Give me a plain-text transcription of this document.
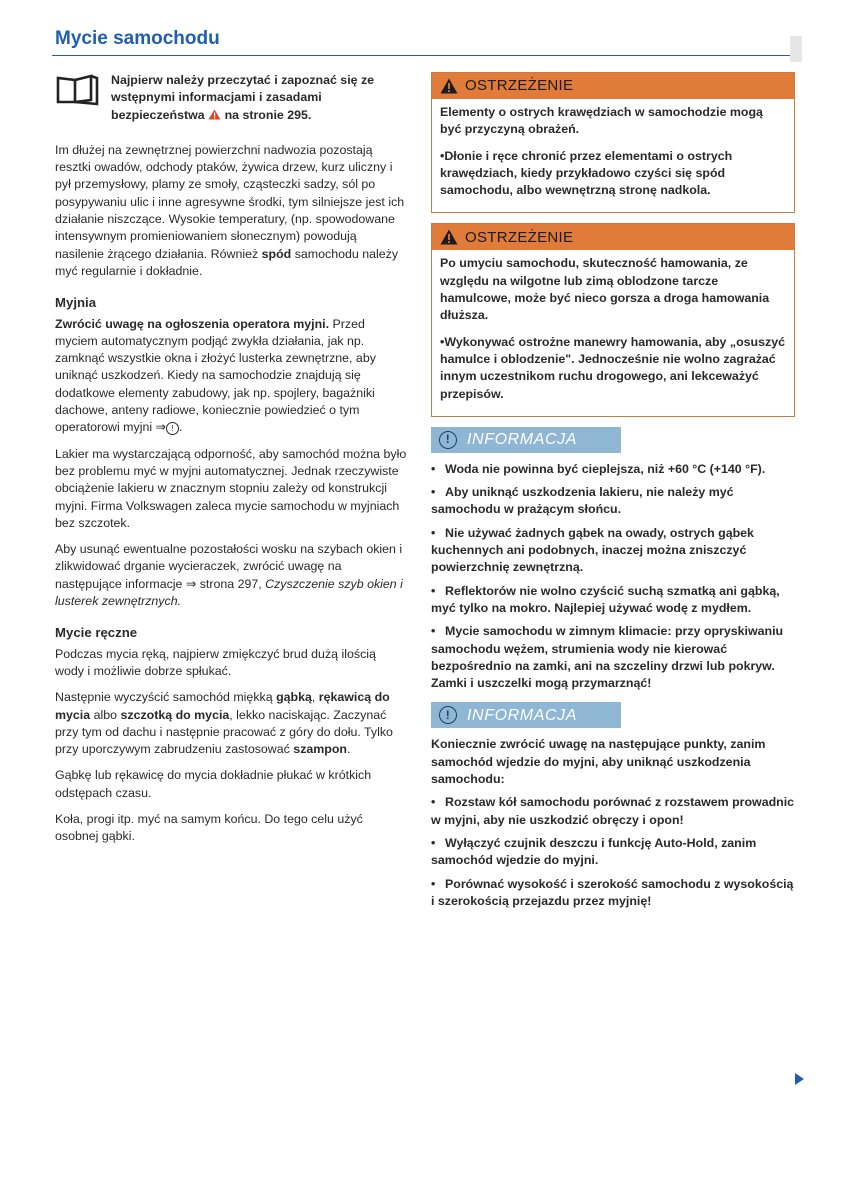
Mycie samochodu
Najpierw należy przeczytać i zapoznać się ze wstępnymi informacjami i zasadami bezpieczeństwa na stronie 295.

Im dłużej na zewnętrznej powierzchni nadwozia pozostają resztki owadów, odchody ptaków, żywica drzew, kurz uliczny i pył przemysłowy, plamy ze smoły, cząsteczki sadzy, sól po posypywaniu ulic i inne agresywne środki, tym silniejsze jest ich działanie niszczące. Wysokie temperatury, (np. spowodowane intensywnym promieniowaniem słonecznym) powodują nasilenie żrącego działania. Również spód samochodu należy myć regularnie i dokładnie.

Myjnia

Zwrócić uwagę na ogłoszenia operatora myjni. Przed myciem automatycznym podjąć zwykła działania, jak np. zamknąć wszystkie okna i złożyć lusterka zewnętrzne, aby uniknąć uszkodzeń. Kiedy na samochodzie znajdują się dodatkowe elementy zabudowy, jak np. spojlery, bagażniki dachowe, anteny radiowe, koniecznie powiedzieć o tym operatorowi myjni ⇒ ! .

Lakier ma wystarczającą odporność, aby samochód można było bez problemu myć w myjni automatycznej. Jednak rzeczywiste obciążenie lakieru w znacznym stopniu zależy od konstrukcji myjni. Firma Volkswagen zaleca mycie samochodu w myjniach bez szczotek.

Aby usunąć ewentualne pozostałości wosku na szybach okien i zlikwidować drganie wycieraczek, zwrócić uwagę na następujące informacje ⇒ strona 297, Czyszczenie szyb okien i lusterek zewnętrznych.

Mycie ręczne

Podczas mycia ręką, najpierw zmiękczyć brud dużą ilością wody i możliwie dobrze spłukać.

Następnie wyczyścić samochód miękką gąbką, rękawicą do mycia albo szczotką do mycia, lekko naciskając. Zaczynać przy tym od dachu i następnie pracować z góry do dołu. Tylko przy uporczywym zabrudzeniu zastosować szampon.

Gąbkę lub rękawicę do mycia dokładnie płukać w krótkich odstępach czasu.

Koła, progi itp. myć na samym końcu. Do tego celu użyć osobnej gąbki.

OSTRZEŻENIE

Elementy o ostrych krawędziach w samochodzie mogą być przyczyną obrażeń.

•Dłonie i ręce chronić przez elementami o ostrych krawędziach, kiedy przykładowo czyści się spód samochodu, albo wewnętrzną stronę nadkola.

OSTRZEŻENIE

Po umyciu samochodu, skuteczność hamowania, ze względu na wilgotne lub zimą oblodzone tarcze hamulcowe, może być nieco gorsza a droga hamowania dłuższa.

•Wykonywać ostrożne manewry hamowania, aby „osuszyć hamulce i oblodzenie". Jednocześnie nie wolno zagrażać innym uczestnikom ruchu drogowego, ani lekceważyć przepisów.

!	INFORMACJA

• Woda nie powinna być cieplejsza, niż +60 °C (+140 °F).

• Aby uniknąć uszkodzenia lakieru, nie należy myć samochodu w prażącym słońcu.

• Nie używać żadnych gąbek na owady, ostrych gąbek kuchennych ani podobnych, inaczej można zniszczyć powierzchnię zewnętrzną.

• Reflektorów nie wolno czyścić suchą szmatką ani gąbką, myć tylko na mokro. Najlepiej używać wodę z mydłem.

• Mycie samochodu w zimnym klimacie: przy opryskiwaniu samochodu wężem, strumienia wody nie kierować bezpośrednio na zamki, ani na szczeliny drzwi lub pokryw. Zamki i uszczelki mogą przymarznąć!

!	INFORMACJA

Koniecznie zwrócić uwagę na następujące punkty, zanim samochód wjedzie do myjni, aby uniknąć uszkodzenia samochodu:

• Rozstaw kół samochodu porównać z rozstawem prowadnic w myjni, aby nie uszkodzić obręczy i opon!

• Wyłączyć czujnik deszczu i funkcję Auto-Hold, zanim samochód wjedzie do myjni.

• Porównać wysokość i szerokość samochodu z wysokością i szerokością przejazdu przez myjnię!
